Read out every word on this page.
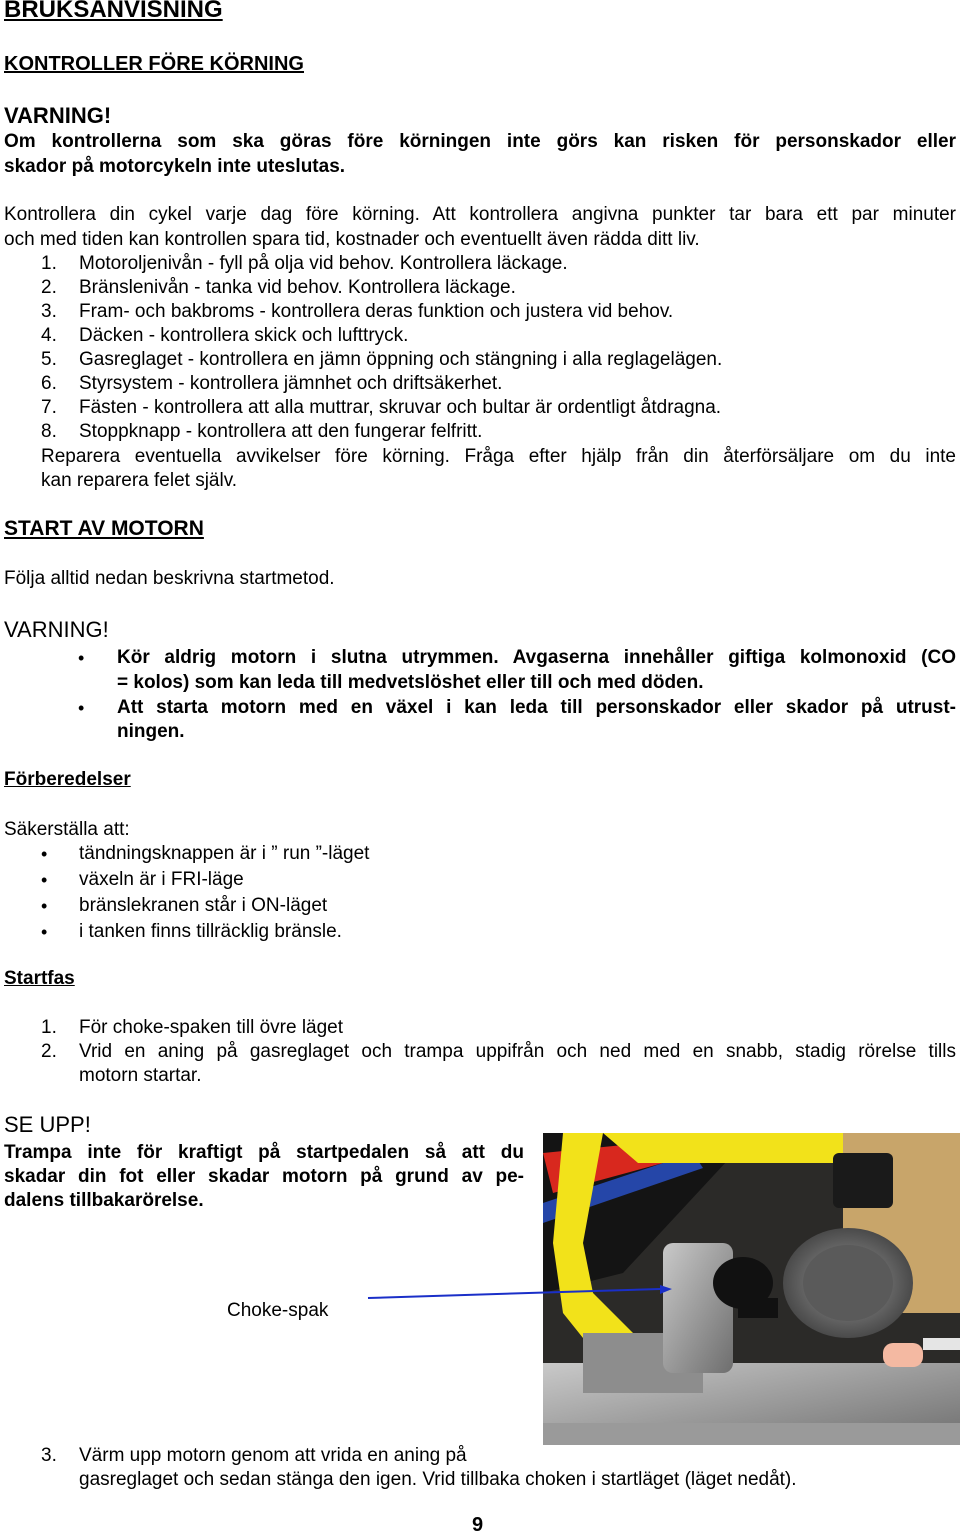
BRUKSANVISNING
KONTROLLER FÖRE KÖRNING
VARNING!
Om kontrollerna som ska göras före körningen inte görs kan risken för personskador eller
skador på motorcykeln inte uteslutas.
Kontrollera din cykel varje dag före körning. Att kontrollera angivna punkter tar bara ett par minuter
och med tiden kan kontrollen spara tid, kostnader och eventuellt även rädda ditt liv.
1. Motoroljenivån - fyll på olja vid behov. Kontrollera läckage.
2. Bränslenivån - tanka vid behov. Kontrollera läckage.
3. Fram- och bakbroms - kontrollera deras funktion och justera vid behov.
4. Däcken - kontrollera skick och lufttryck.
5. Gasreglaget - kontrollera en jämn öppning och stängning i alla reglagelägen.
6. Styrsystem - kontrollera jämnhet och driftsäkerhet.
7. Fästen - kontrollera att alla muttrar, skruvar och bultar är ordentligt åtdragna.
8. Stoppknapp - kontrollera att den fungerar felfritt.
Reparera eventuella avvikelser före körning. Fråga efter hjälp från din återförsäljare om du inte
kan reparera felet själv.
START AV MOTORN
Följa alltid nedan beskrivna startmetod.
VARNING!
• Kör aldrig motorn i slutna utrymmen. Avgaserna innehåller giftiga kolmonoxid (CO
= kolos) som kan leda till medvetslöshet eller till och med döden.
• Att starta motorn med en växel i kan leda till personskador eller skador på utrust-
ningen.
Förberedelser
Säkerställa att:
• tändningsknappen är i ” run ”-läget
• växeln är i FRI-läge
• bränslekranen står i ON-läget
• i tanken finns tillräcklig bränsle.
Startfas
1. För choke-spaken till övre läget
2. Vrid en aning på gasreglaget och trampa uppifrån och ned med en snabb, stadig rörelse tills
motorn startar.
SE UPP!
Trampa inte för kraftigt på startpedalen så att du
skadar din fot eller skadar motorn på grund av pe-
dalens tillbakarörelse.
Choke-spak
3. Värm upp motorn genom att vrida en aning på
gasreglaget och sedan stänga den igen. Vrid tillbaka choken i startläget (läget nedåt).
9
